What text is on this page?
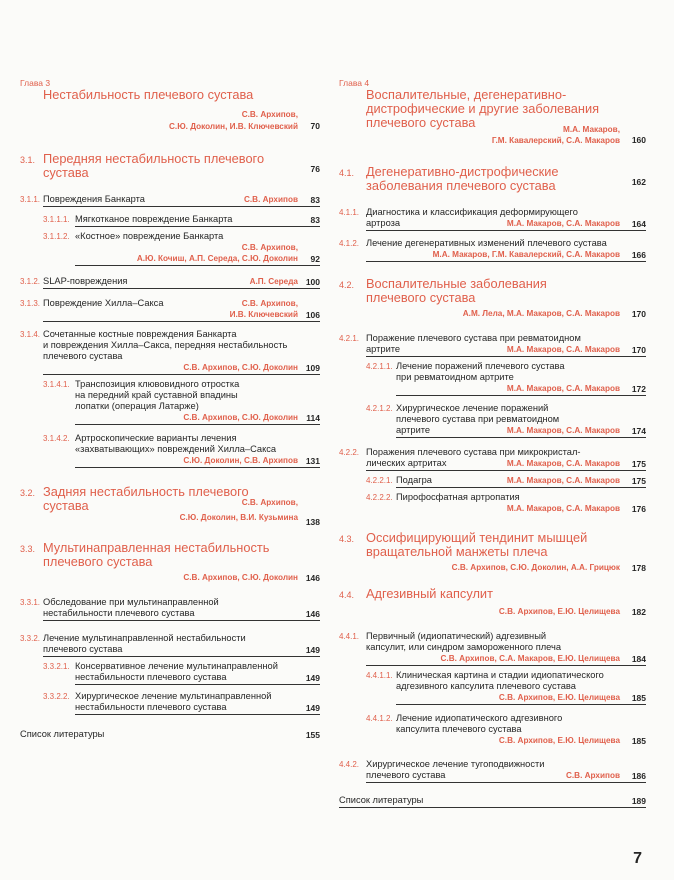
Глава 3
Нестабильность плечевого сустава
С.В. Архипов,
С.Ю. Доколин, И.В. Ключевский 70
3.1. Передняя нестабильность плечевого
сустава	76
3.1.1. Повреждения Банкарта	С.В. Архипов 83
3.1.1.1. Мягкотканое повреждение Банкарта	83
3.1.1.2. «Костное» повреждение Банкарта
С.В. Архипов,
А.Ю. Кочиш, А.П. Середа, С.Ю. Доколин 92
3.1.2. SLAP-повреждения	А.П. Середа 100
3.1.3. Повреждение Хилла–Сакса	С.В. Архипов,
И.В. Ключевский 106
3.1.4. Сочетанные костные повреждения Банкарта
и повреждения Хилла–Сакса, передняя нестабильность
плечевого сустава
С.В. Архипов, С.Ю. Доколин 109
3.1.4.1. Транспозиция клювовидного отростка
на передний край суставной впадины
лопатки (операция Латарже)
С.В. Архипов, С.Ю. Доколин 114
3.1.4.2. Артроскопические варианты лечения
«захватывающих» повреждений Хилла–Сакса
С.Ю. Доколин, С.В. Архипов 131
3.2. Задняя нестабильность плечевого
сустава	С.В. Архипов,
С.Ю. Доколин, В.И. Кузьмина 138
3.3. Мультинаправленная нестабильность
плечевого сустава
С.В. Архипов, С.Ю. Доколин 146
3.3.1. Обследование при мультинаправленной
нестабильности плечевого сустава	146
3.3.2. Лечение мультинаправленной нестабильности
плечевого сустава	149
3.3.2.1. Консервативное лечение мультинаправленной
нестабильности плечевого сустава	149
3.3.2.2. Хирургическое лечение мультинаправленной
нестабильности плечевого сустава	149
Список литературы	155
Глава 4
Воспалительные, дегенеративно-
дистрофические и другие заболевания
плечевого сустава	М.А. Макаров,
Г.М. Кавалерский, С.А. Макаров 160
4.1. Дегенеративно-дистрофические
заболевания плечевого сустава	162
4.1.1. Диагностика и классификация деформирующего
артроза	М.А. Макаров, С.А. Макаров 164
4.1.2. Лечение дегенеративных изменений плечевого сустава
М.А. Макаров, Г.М. Кавалерский, С.А. Макаров 166
4.2. Воспалительные заболевания
плечевого сустава
А.М. Лела, М.А. Макаров, С.А. Макаров 170
4.2.1. Поражение плечевого сустава при ревматоидном
артрите	М.А. Макаров, С.А. Макаров 170
4.2.1.1. Лечение поражений плечевого сустава
при ревматоидном артрите
М.А. Макаров, С.А. Макаров 172
4.2.1.2. Хирургическое лечение поражений
плечевого сустава при ревматоидном
артрите	М.А. Макаров, С.А. Макаров 174
4.2.2. Поражения плечевого сустава при микрокристал-
лических артритах	М.А. Макаров, С.А. Макаров 175
4.2.2.1. Подагра	М.А. Макаров, С.А. Макаров 175
4.2.2.2. Пирофосфатная артропатия
М.А. Макаров, С.А. Макаров 176
4.3. Оссифицирующий тендинит мышцей
вращательной манжеты плеча
С.В. Архипов, С.Ю. Доколин, А.А. Грицюк 178
4.4. Адгезивный капсулит
С.В. Архипов, Е.Ю. Целищева 182
4.4.1. Первичный (идиопатический) адгезивный
капсулит, или синдром замороженного плеча
С.В. Архипов, С.А. Макаров, Е.Ю. Целищева 184
4.4.1.1. Клиническая картина и стадии идиопатического
адгезивного капсулита плечевого сустава
С.В. Архипов, Е.Ю. Целищева 185
4.4.1.2. Лечение идиопатического адгезивного
капсулита плечевого сустава
С.В. Архипов, Е.Ю. Целищева 185
4.4.2. Хирургическое лечение тугоподвижности
плечевого сустава	С.В. Архипов 186
Список литературы	189
7
